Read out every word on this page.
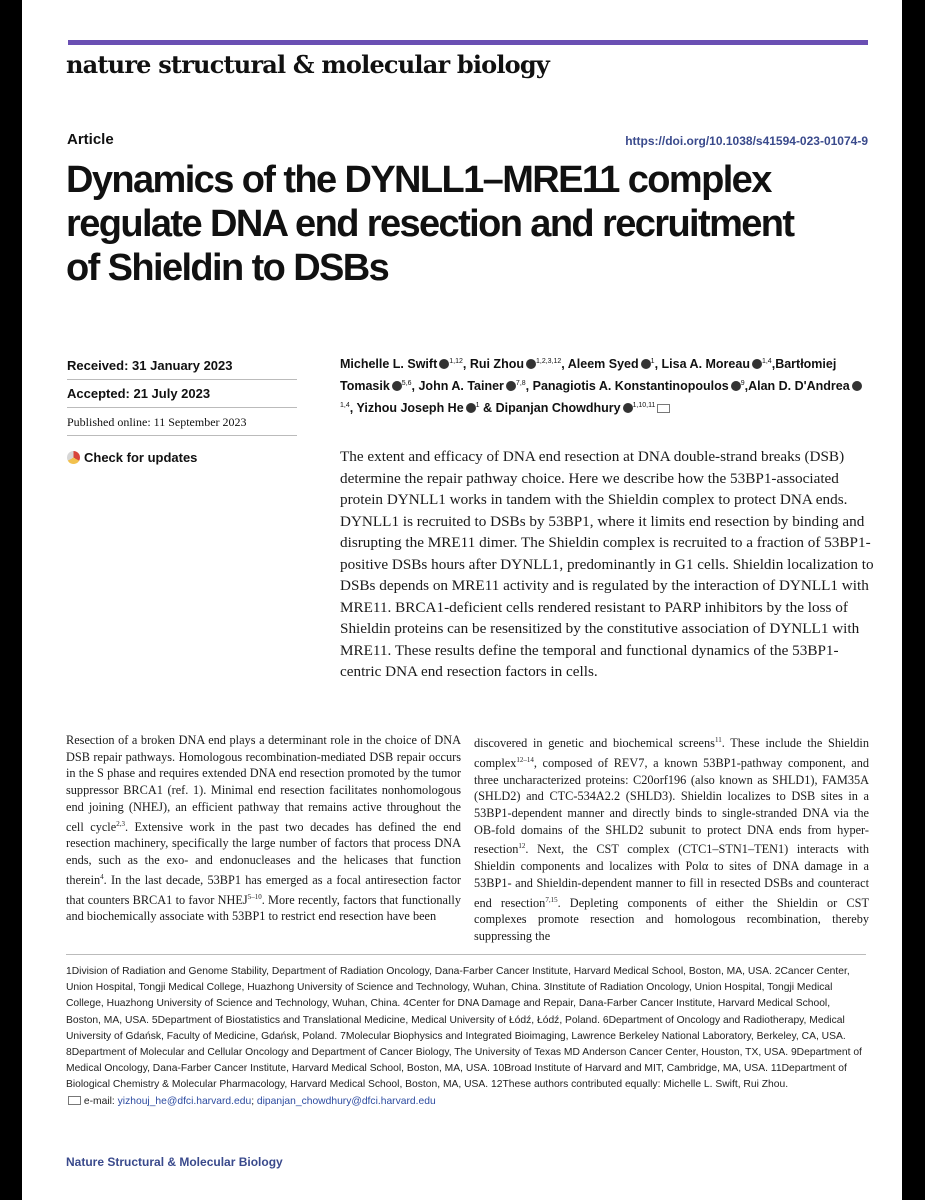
nature structural & molecular biology
Article	https://doi.org/10.1038/s41594-023-01074-9
Dynamics of the DYNLL1–MRE11 complex
regulate DNA end resection and recruitment
of Shieldin to DSBs
Received: 31 January 2023
Accepted: 21 July 2023
Published online: 11 September 2023
Check for updates
Michelle L. Swift $^{1,12}$, Rui Zhou $^{1,2,3,12}$, Aleem Syed $^1$, Lisa A. Moreau $^{1,4}$,Bartłomiej Tomasik $^{5,6}$, John A. Tainer $^{7,8}$, Panagiotis A. Konstantinopoulos $^9$,Alan D. D'Andrea$^{1,4}$, Yizhou Joseph He $^1$ & Dipanjan Chowdhury $^{1,10,11}$
The extent and efficacy of DNA end resection at DNA double-strand breaks (DSB) determine the repair pathway choice. Here we describe how the 53BP1-associated protein DYNLL1 works in tandem with the Shieldin complex to protect DNA ends. DYNLL1 is recruited to DSBs by 53BP1, where it limits end resection by binding and disrupting the MRE11 dimer. The Shieldin complex is recruited to a fraction of 53BP1-positive DSBs hours after DYNLL1, predominantly in G1 cells. Shieldin localization to DSBs depends on MRE11 activity and is regulated by the interaction of DYNLL1 with MRE11. BRCA1-deficient cells rendered resistant to PARP inhibitors by the loss of Shieldin proteins can be resensitized by the constitutive association of DYNLL1 with MRE11. These results define the temporal and functional dynamics of the 53BP1-centric DNA end resection factors in cells.
Resection of a broken DNA end plays a determinant role in the choice of DNA DSB repair pathways. Homologous recombination-mediated DSB repair occurs in the S phase and requires extended DNA end resection promoted by the tumor suppressor BRCA1 (ref. 1). Minimal end resection facilitates nonhomologous end joining (NHEJ), an efficient pathway that remains active throughout the cell cycle$^{2,3}$. Extensive work in the past two decades has defined the end resection machinery, specifically the large number of factors that process DNA ends, such as the exo- and endonucleases and the helicases that function therein$^4$. In the last decade, 53BP1 has emerged as a focal antiresection factor that counters BRCA1 to favor NHEJ$^{5-10}$. More recently, factors that functionally and biochemically associate with 53BP1 to restrict end resection have been
discovered in genetic and biochemical screens$^{11}$. These include the Shieldin complex$^{12-14}$, composed of REV7, a known 53BP1-pathway component, and three uncharacterized proteins: C20orf196 (also known as SHLD1), FAM35A (SHLD2) and CTC-534A2.2 (SHLD3). Shieldin localizes to DSB sites in a 53BP1-dependent manner and directly binds to single-stranded DNA via the OB-fold domains of the SHLD2 subunit to protect DNA ends from hyper-resection$^{12}$. Next, the CST complex (CTC1–STN1–TEN1) interacts with Shieldin components and localizes with Polα to sites of DNA damage in a 53BP1- and Shieldin-dependent manner to fill in resected DSBs and counteract end resection$^{7,15}$. Depleting components of either the Shieldin or CST complexes promote resection and homologous recombination, thereby suppressing the
1Division of Radiation and Genome Stability, Department of Radiation Oncology, Dana-Farber Cancer Institute, Harvard Medical School, Boston, MA, USA. 2Cancer Center, Union Hospital, Tongji Medical College, Huazhong University of Science and Technology, Wuhan, China. 3Institute of Radiation Oncology, Union Hospital, Tongji Medical College, Huazhong University of Science and Technology, Wuhan, China. 4Center for DNA Damage and Repair, Dana-Farber Cancer Institute, Harvard Medical School, Boston, MA, USA. 5Department of Biostatistics and Translational Medicine, Medical University of Łódź, Łódź, Poland. 6Department of Oncology and Radiotherapy, Medical University of Gdańsk, Faculty of Medicine, Gdańsk, Poland. 7Molecular Biophysics and Integrated Bioimaging, Lawrence Berkeley National Laboratory, Berkeley, CA, USA. 8Department of Molecular and Cellular Oncology and Department of Cancer Biology, The University of Texas MD Anderson Cancer Center, Houston, TX, USA. 9Department of Medical Oncology, Dana-Farber Cancer Institute, Harvard Medical School, Boston, MA, USA. 10Broad Institute of Harvard and MIT, Cambridge, MA, USA. 11Department of Biological Chemistry & Molecular Pharmacology, Harvard Medical School, Boston, MA, USA. 12These authors contributed equally: Michelle L. Swift, Rui Zhou.
e-mail: yizhouj_he@dfci.harvard.edu; dipanjan_chowdhury@dfci.harvard.edu
Nature Structural & Molecular Biology
